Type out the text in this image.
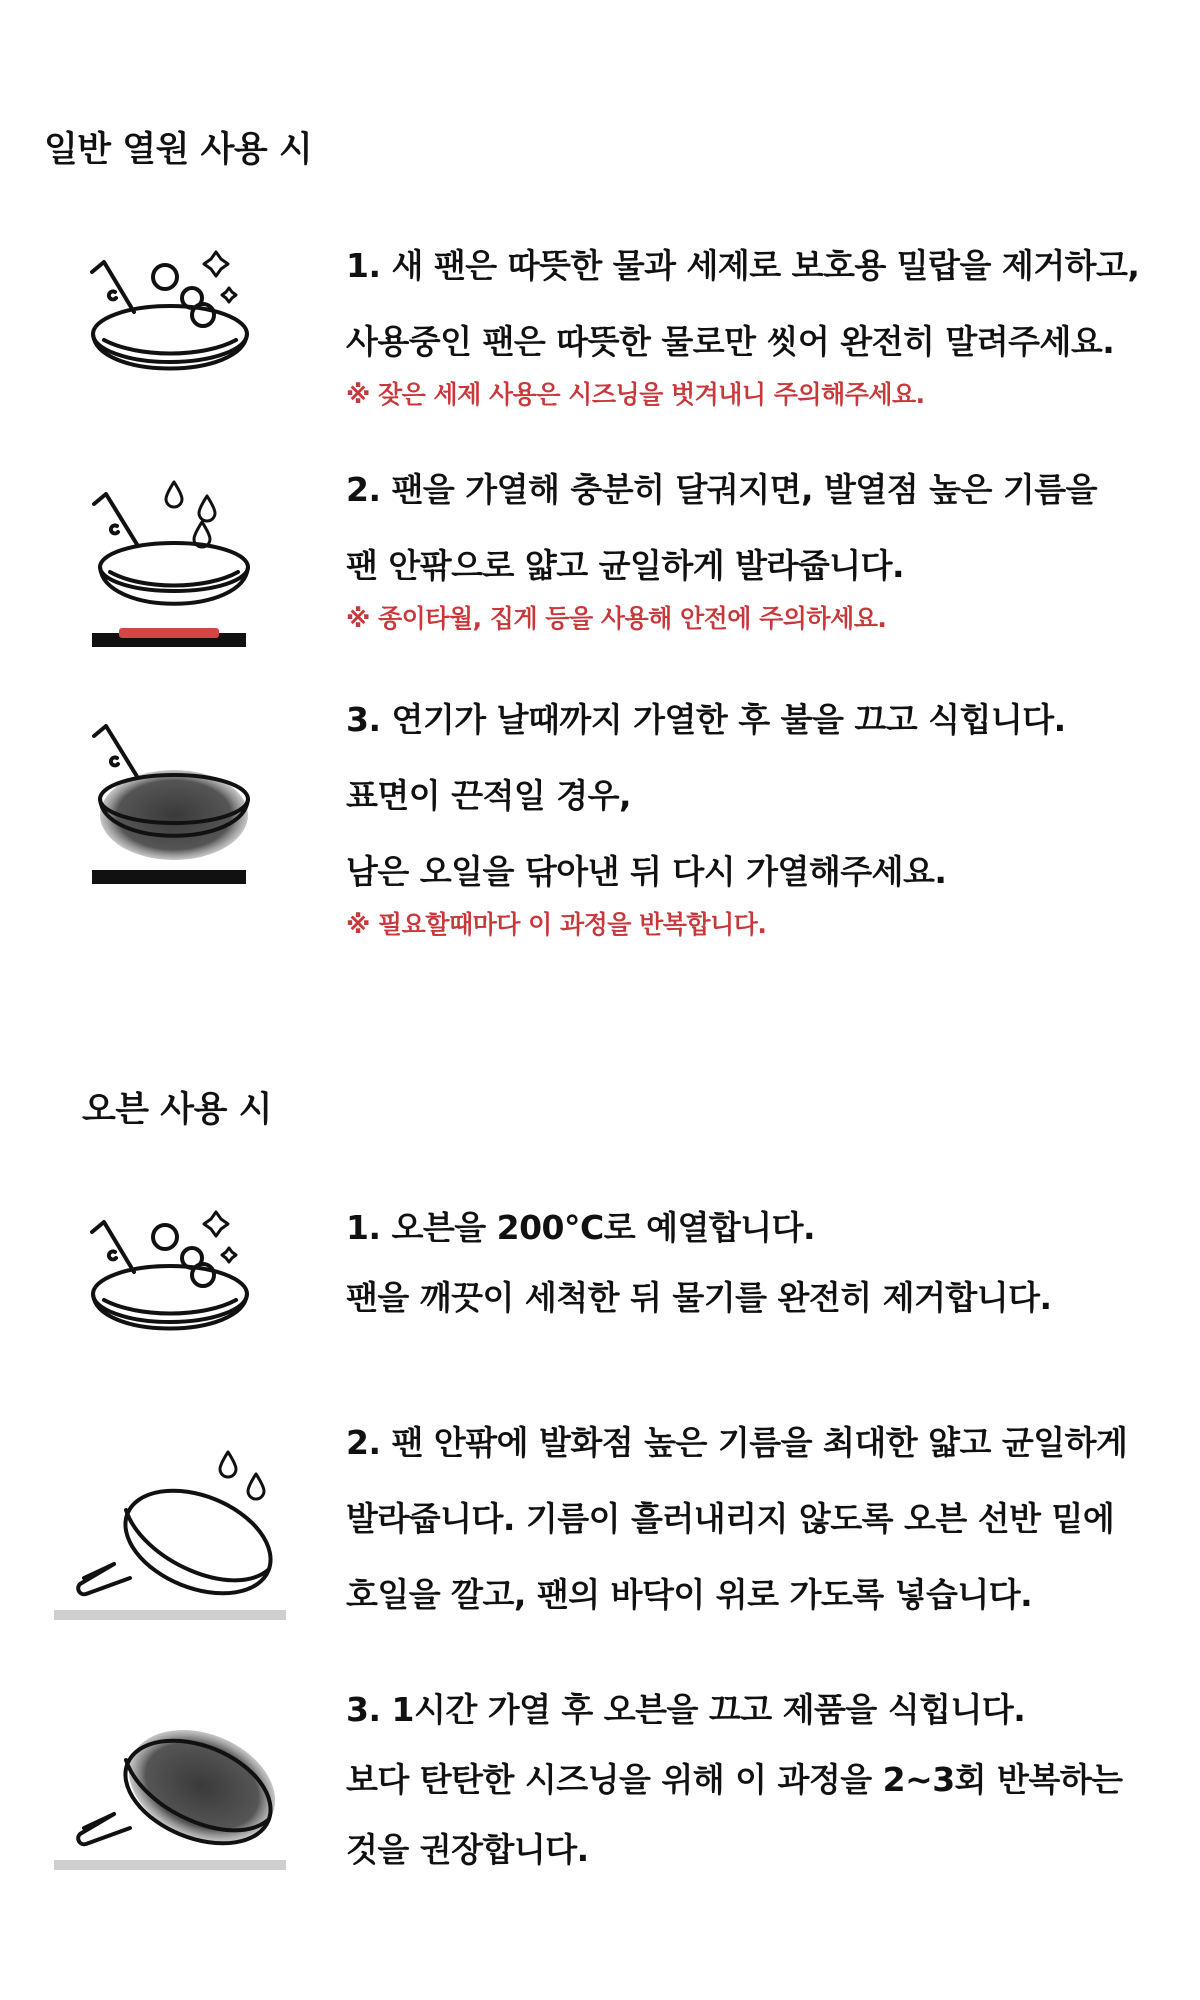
일반 열원 사용 시

1. 새 팬은 따뜻한 물과 세제로 보호용 밀랍을 제거하고,

사용중인 팬은 따뜻한 물로만 씻어 완전히 말려주세요.

※ 잦은 세제 사용은 시즈닝을 벗겨내니 주의해주세요.

2. 팬을 가열해 충분히 달궈지면, 발열점 높은 기름을

팬 안팎으로 얇고 균일하게 발라줍니다.

※ 종이타월, 집게 등을 사용해 안전에 주의하세요.

3. 연기가 날때까지 가열한 후 불을 끄고 식힙니다.

표면이 끈적일 경우,

남은 오일을 닦아낸 뒤 다시 가열해주세요.

※ 필요할때마다 이 과정을 반복합니다.

오븐 사용 시

1. 오븐을 200°C로 예열합니다.

팬을 깨끗이 세척한 뒤 물기를 완전히 제거합니다.

2. 팬 안팎에 발화점 높은 기름을 최대한 얇고 균일하게

발라줍니다. 기름이 흘러내리지 않도록 오븐 선반 밑에

호일을 깔고, 팬의 바닥이 위로 가도록 넣습니다.

3. 1시간 가열 후 오븐을 끄고 제품을 식힙니다.

보다 탄탄한 시즈닝을 위해 이 과정을 2~3회 반복하는

것을 권장합니다.
